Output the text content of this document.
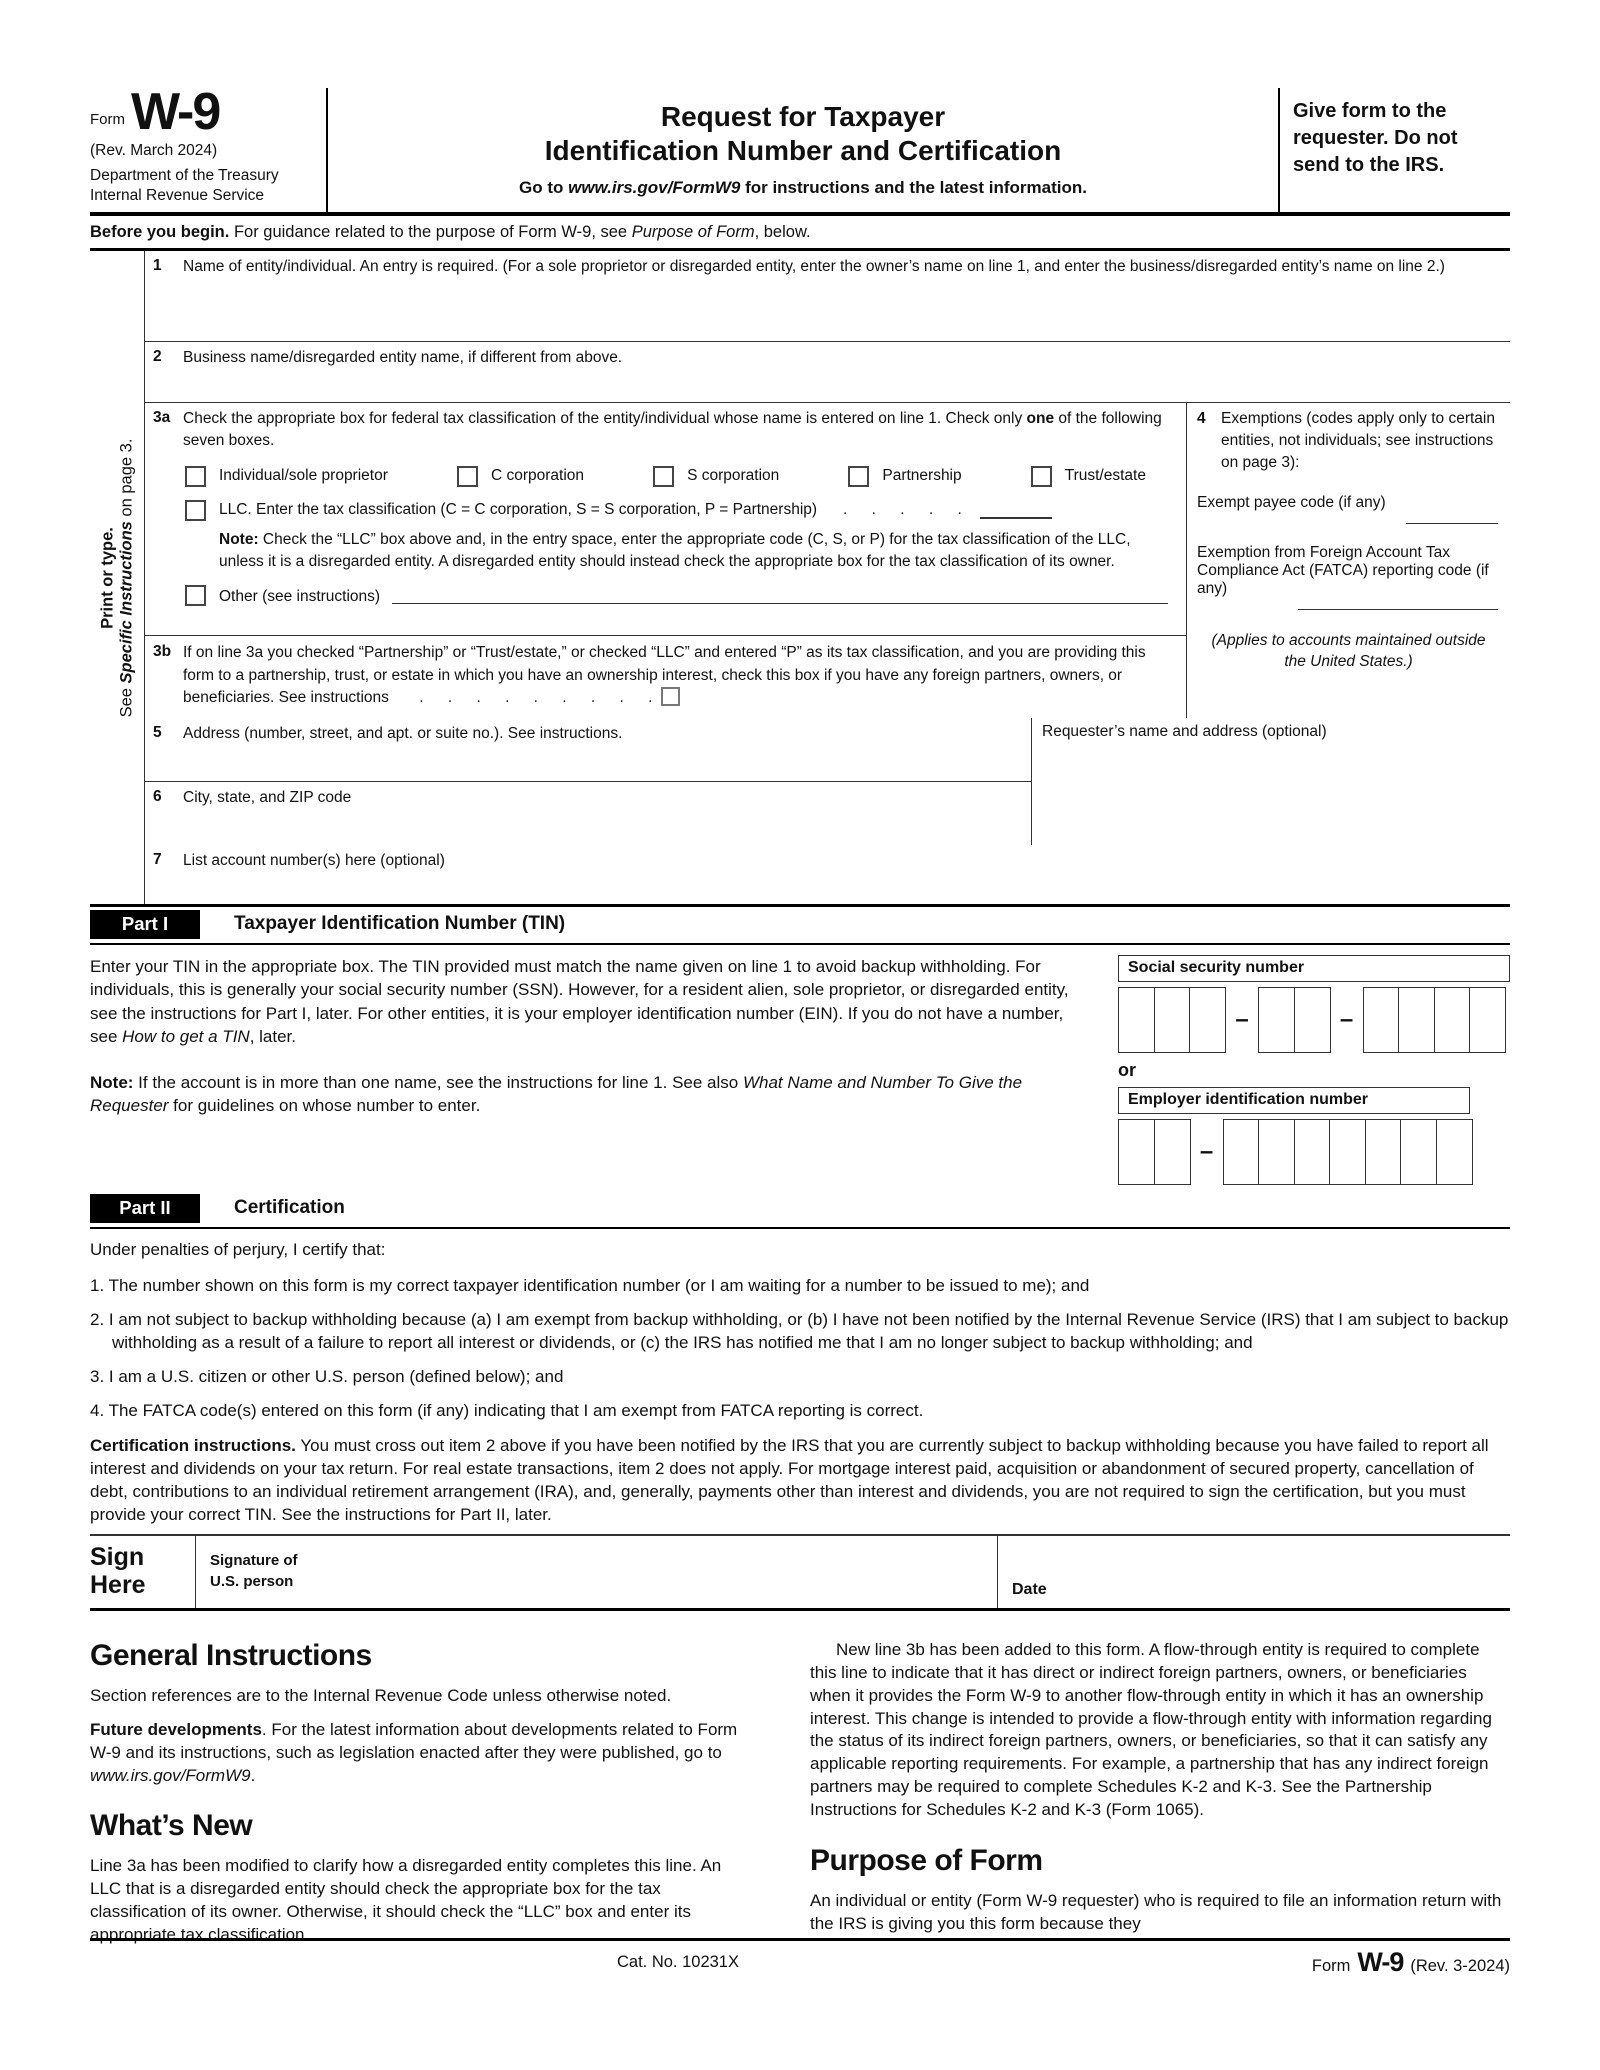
Form W-9
(Rev. March 2024)
Department of the Treasury
Internal Revenue Service
Request for Taxpayer
Identification Number and Certification
Go to www.irs.gov/FormW9 for instructions and the latest information.
Give form to the requester. Do not send to the IRS.
Before you begin. For guidance related to the purpose of Form W-9, see Purpose of Form, below.
Print or type.
See Specific Instructions on page 3.
1	Name of entity/individual. An entry is required. (For a sole proprietor or disregarded entity, enter the owner’s name on line 1, and enter the business/disregarded entity’s name on line 2.)
2	Business name/disregarded entity name, if different from above.
3a Check the appropriate box for federal tax classification of the entity/individual whose name is entered on line 1. Check only one of the following seven boxes.
Individual/sole proprietor	C corporation	S corporation	Partnership	Trust/estate
LLC. Enter the tax classification (C = C corporation, S = S corporation, P = Partnership) . . . . .
Note: Check the “LLC” box above and, in the entry space, enter the appropriate code (C, S, or P) for the tax classification of the LLC, unless it is a disregarded entity. A disregarded entity should instead check the appropriate box for the tax classification of its owner.
Other (see instructions)
3b If on line 3a you checked “Partnership” or “Trust/estate,” or checked “LLC” and entered “P” as its tax classification, and you are providing this form to a partnership, trust, or estate in which you have an ownership interest, check this box if you have any foreign partners, owners, or beneficiaries. See instructions . . . . . . . . .
4 Exemptions (codes apply only to certain entities, not individuals; see instructions on page 3):
Exempt payee code (if any)
Exemption from Foreign Account Tax Compliance Act (FATCA) reporting code (if any)
(Applies to accounts maintained outside the United States.)
5	Address (number, street, and apt. or suite no.). See instructions.
6	City, state, and ZIP code
Requester’s name and address (optional)
7	List account number(s) here (optional)
Part I	Taxpayer Identification Number (TIN)

Enter your TIN in the appropriate box. The TIN provided must match the name given on line 1 to avoid backup withholding. For individuals, this is generally your social security number (SSN). However, for a resident alien, sole proprietor, or disregarded entity, see the instructions for Part I, later. For other entities, it is your employer identification number (EIN). If you do not have a number, see How to get a TIN, later.

Note: If the account is in more than one name, see the instructions for line 1. See also What Name and Number To Give the Requester for guidelines on whose number to enter.

Social security number
–	–
or
Employer identification number
–
Part II	Certification

Under penalties of perjury, I certify that:

1. The number shown on this form is my correct taxpayer identification number (or I am waiting for a number to be issued to me); and

2. I am not subject to backup withholding because (a) I am exempt from backup withholding, or (b) I have not been notified by the Internal Revenue Service (IRS) that I am subject to backup withholding as a result of a failure to report all interest or dividends, or (c) the IRS has notified me that I am no longer subject to backup withholding; and

3. I am a U.S. citizen or other U.S. person (defined below); and

4. The FATCA code(s) entered on this form (if any) indicating that I am exempt from FATCA reporting is correct.

Certification instructions. You must cross out item 2 above if you have been notified by the IRS that you are currently subject to backup withholding because you have failed to report all interest and dividends on your tax return. For real estate transactions, item 2 does not apply. For mortgage interest paid, acquisition or abandonment of secured property, cancellation of debt, contributions to an individual retirement arrangement (IRA), and, generally, payments other than interest and dividends, you are not required to sign the certification, but you must provide your correct TIN. See the instructions for Part II, later.

Sign
Here
Signature of
U.S. person	Date
General Instructions

Section references are to the Internal Revenue Code unless otherwise noted.

Future developments. For the latest information about developments related to Form W-9 and its instructions, such as legislation enacted after they were published, go to www.irs.gov/FormW9.

What’s New

Line 3a has been modified to clarify how a disregarded entity completes this line. An LLC that is a disregarded entity should check the appropriate box for the tax classification of its owner. Otherwise, it should check the “LLC” box and enter its appropriate tax classification.

New line 3b has been added to this form. A flow-through entity is required to complete this line to indicate that it has direct or indirect foreign partners, owners, or beneficiaries when it provides the Form W-9 to another flow-through entity in which it has an ownership interest. This change is intended to provide a flow-through entity with information regarding the status of its indirect foreign partners, owners, or beneficiaries, so that it can satisfy any applicable reporting requirements. For example, a partnership that has any indirect foreign partners may be required to complete Schedules K-2 and K-3. See the Partnership Instructions for Schedules K-2 and K-3 (Form 1065).

Purpose of Form

An individual or entity (Form W-9 requester) who is required to file an information return with the IRS is giving you this form because they

Cat. No. 10231X	Form W-9 (Rev. 3-2024)
